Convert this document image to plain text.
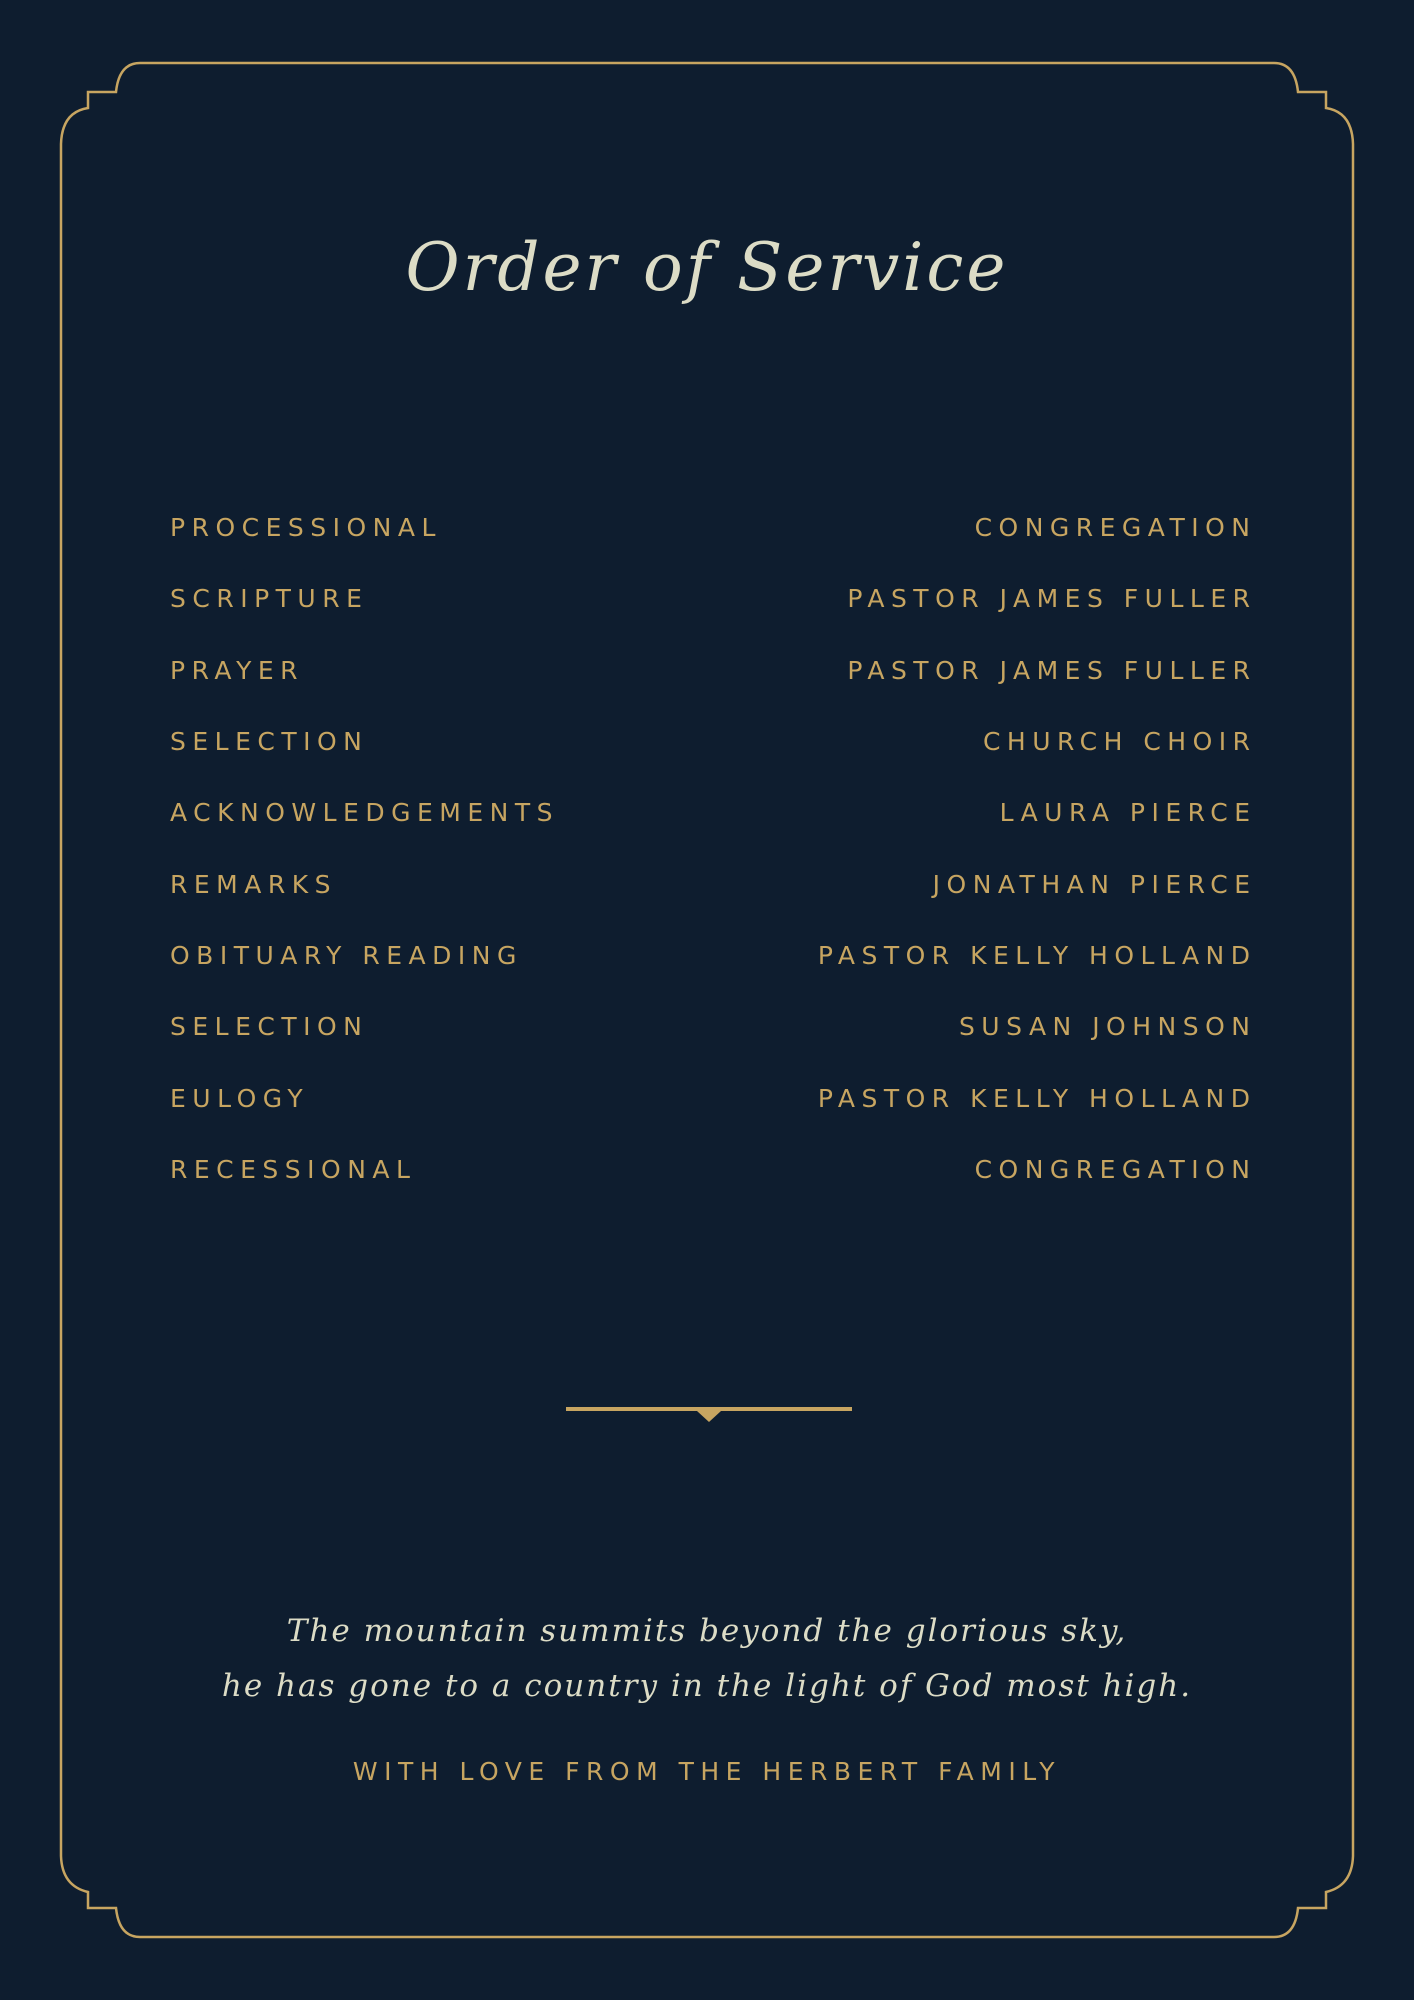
Order of Service
PROCESSIONAL	CONGREGATION
SCRIPTURE	PASTOR JAMES FULLER
PRAYER	PASTOR JAMES FULLER
SELECTION	CHURCH CHOIR
ACKNOWLEDGEMENTS	LAURA PIERCE
REMARKS	JONATHAN PIERCE
OBITUARY READING	PASTOR KELLY HOLLAND
SELECTION	SUSAN JOHNSON
EULOGY	PASTOR KELLY HOLLAND
RECESSIONAL	CONGREGATION
The mountain summits beyond the glorious sky,
he has gone to a country in the light of God most high.
WITH LOVE FROM THE HERBERT FAMILY
